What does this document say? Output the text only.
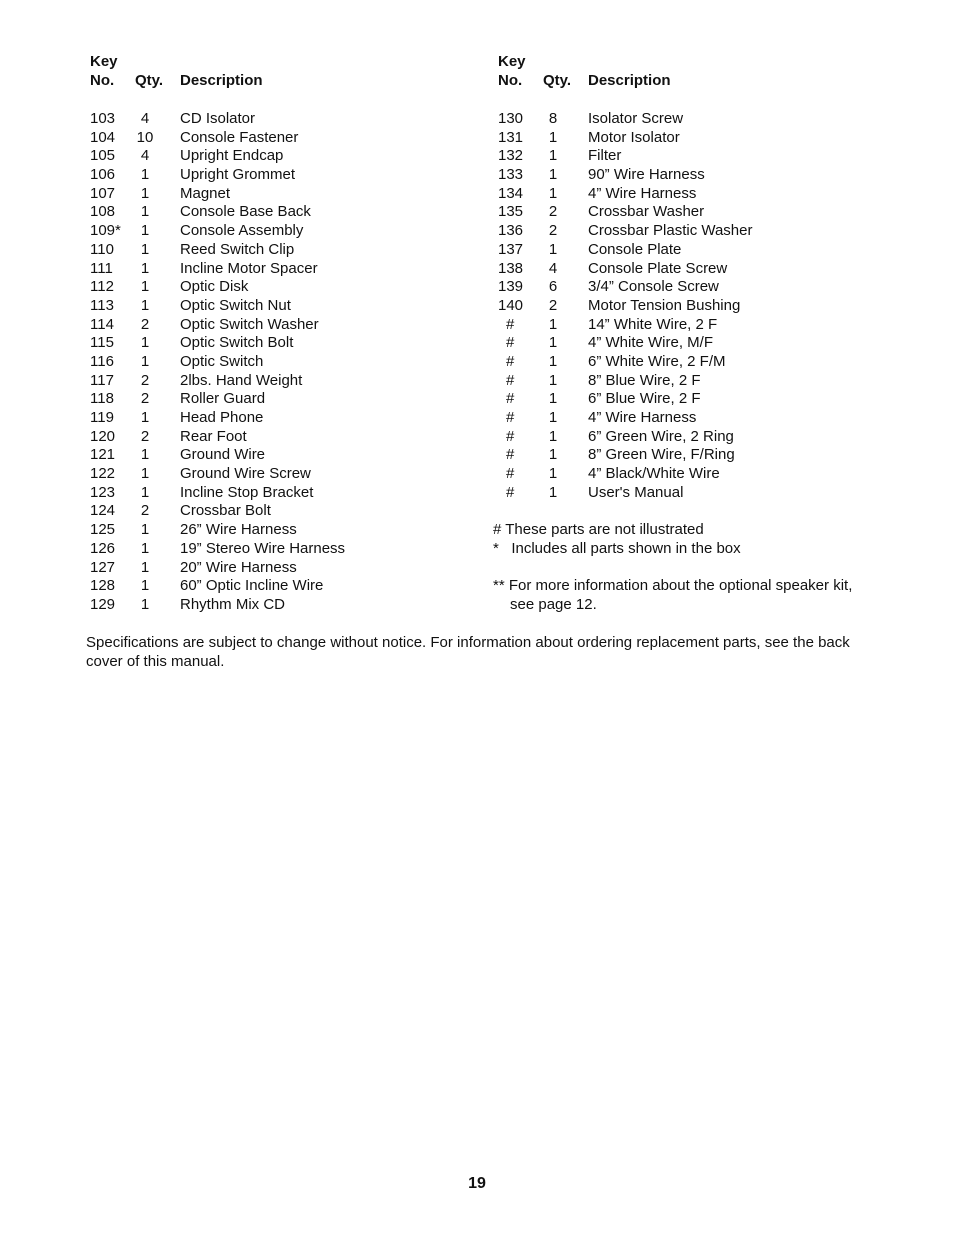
Key
No. Qty. Description
103	4	CD Isolator
104 10 Console Fastener
105	4	Upright Endcap
106	1	Upright Grommet
107	1	Magnet
108	1	Console Base Back
109*	1	Console Assembly
110	1	Reed Switch Clip
111	1	Incline Motor Spacer
112	1	Optic Disk
113	1	Optic Switch Nut
114	2	Optic Switch Washer
115	1	Optic Switch Bolt
116	1	Optic Switch
117	2	2lbs. Hand Weight
118	2	Roller Guard
119	1	Head Phone
120	2	Rear Foot
121	1	Ground Wire
122	1	Ground Wire Screw
123	1	Incline Stop Bracket
124	2	Crossbar Bolt
125	1	26” Wire Harness
126	1	19” Stereo Wire Harness
127	1	20” Wire Harness
128	1	60” Optic Incline Wire
129	1	Rhythm Mix CD
Key
No. Qty. Description
130	8	Isolator Screw
131	1	Motor Isolator
132	1	Filter
133	1	90” Wire Harness
134	1	4” Wire Harness
135	2	Crossbar Washer
136	2	Crossbar Plastic Washer
137	1	Console Plate
138	4	Console Plate Screw
139	6	3/4” Console Screw
140	2	Motor Tension Bushing
#	1	14” White Wire, 2 F
#	1	4” White Wire, M/F
#	1	6” White Wire, 2 F/M
#	1	8” Blue Wire, 2 F
#	1	6” Blue Wire, 2 F
#	1	4” Wire Harness
#	1	6” Green Wire, 2 Ring
#	1	8” Green Wire, F/Ring
#	1	4” Black/White Wire
#	1	User's Manual
# These parts are not illustrated
*   Includes all parts shown in the box
** For more information about the optional speaker kit,
see page 12.
Specifications are subject to change without notice. For information about ordering replacement parts, see the back cover of this manual.
19
